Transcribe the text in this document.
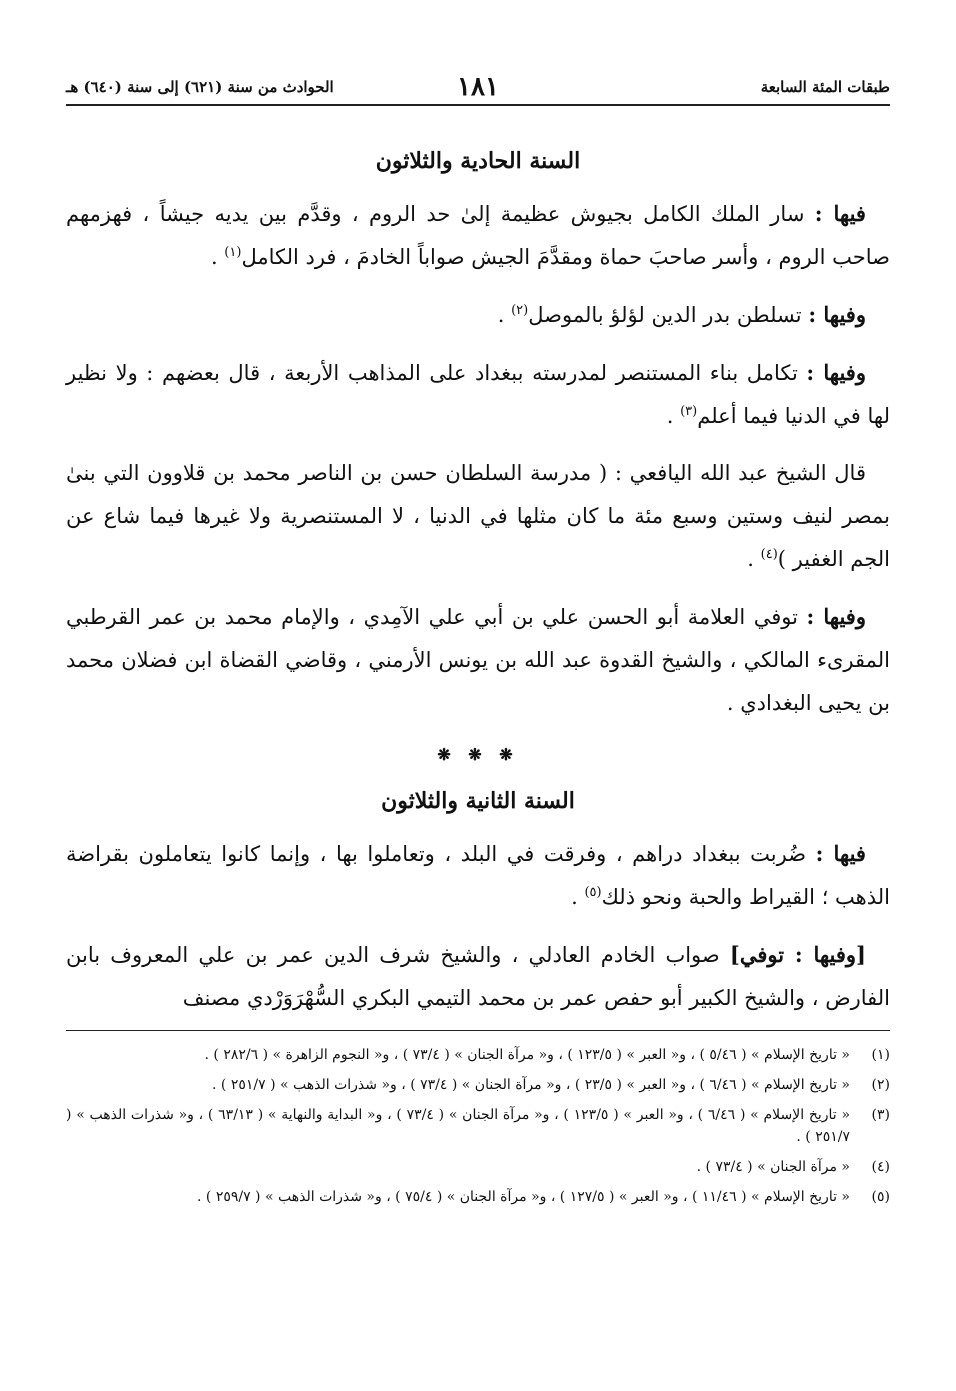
طبقات المئة السابعة
١٨١
الحوادث من سنة (٦٢١) إلى سنة (٦٤٠) هـ
السنة الحادية والثلاثون

فيها : سار الملك الكامل بجيوش عظيمة إلىٰ حد الروم ، وقدَّم بين يديه جيشاً ، فهزمهم صاحب الروم ، وأسر صاحبَ حماة ومقدَّمَ الجيش صواباً الخادمَ ، فرد الكامل$^{(١)}$ .

وفيها : تسلطن بدر الدين لؤلؤ بالموصل$^{(٢)}$ .

وفيها : تكامل بناء المستنصر لمدرسته ببغداد على المذاهب الأربعة ، قال بعضهم : ولا نظير لها في الدنيا فيما أعلم$^{(٣)}$ .

قال الشيخ عبد الله اليافعي : ( مدرسة السلطان حسن بن الناصر محمد بن قلاوون التي بنىٰ بمصر لنيف وستين وسبع مئة ما كان مثلها في الدنيا ، لا المستنصرية ولا غيرها فيما شاع عن الجم الغفير )$^{(٤)}$ .

وفيها : توفي العلامة أبو الحسن علي بن أبي علي الآمِدي ، والإمام محمد بن عمر القرطبي المقرىء المالكي ، والشيخ القدوة عبد الله بن يونس الأرمني ، وقاضي القضاة ابن فضلان محمد بن يحيى البغدادي .

❋ ❋ ❋
السنة الثانية والثلاثون

فيها : ضُربت ببغداد دراهم ، وفرقت في البلد ، وتعاملوا بها ، وإنما كانوا يتعاملون بقراضة الذهب ؛ القيراط والحبة ونحو ذلك$^{(٥)}$ .

[وفيها : توفي] صواب الخادم العادلي ، والشيخ شرف الدين عمر بن علي المعروف بابن الفارض ، والشيخ الكبير أبو حفص عمر بن محمد التيمي البكري السُّهْرَوَرْدي مصنف

(١)
« تاريخ الإسلام » ( ٥/٤٦ ) ، و« العبر » ( ١٢٣/٥ ) ، و« مرآة الجنان » ( ٧٣/٤ ) ، و« النجوم الزاهرة » ( ٢٨٢/٦ ) .
(٢)
« تاريخ الإسلام » ( ٦/٤٦ ) ، و« العبر » ( ٢٣/٥ ) ، و« مرآة الجنان » ( ٧٣/٤ ) ، و« شذرات الذهب » ( ٢٥١/٧ ) .
(٣)
« تاريخ الإسلام » ( ٦/٤٦ ) ، و« العبر » ( ١٢٣/٥ ) ، و« مرآة الجنان » ( ٧٣/٤ ) ، و« البداية والنهاية » ( ٦٣/١٣ ) ، و« شذرات الذهب » ( ٢٥١/٧ ) .
(٤)
« مرآة الجنان » ( ٧٣/٤ ) .
(٥)
« تاريخ الإسلام » ( ١١/٤٦ ) ، و« العبر » ( ١٢٧/٥ ) ، و« مرآة الجنان » ( ٧٥/٤ ) ، و« شذرات الذهب » ( ٢٥٩/٧ ) .
